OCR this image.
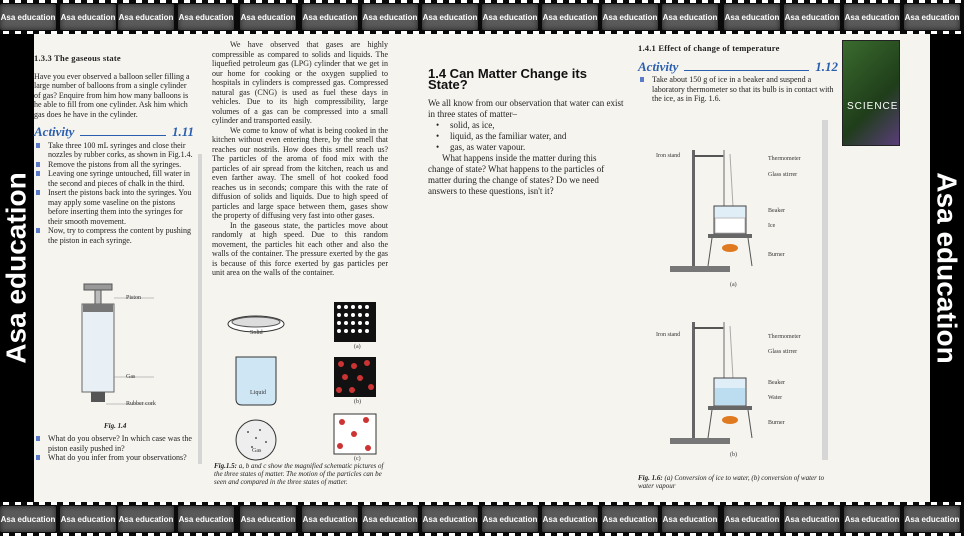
Asa education Asa education Asa education Asa education Asa education Asa education Asa education Asa education Asa education Asa education Asa education Asa education Asa education Asa education Asa education Asa education
Asa education Asa education Asa education Asa education Asa education Asa education Asa education Asa education Asa education Asa education Asa education Asa education Asa education Asa education Asa education Asa education
Asa education	Asa education
1.3.3 The gaseous state
Have you ever observed a balloon seller filling a large number of balloons from a single cylinder of gas? Enquire from him how many balloons is he able to fill from one cylinder. Ask him which gas does he have in the cylinder.
Activity	1.11
Take three 100 mL syringes and close their nozzles by rubber corks, as shown in Fig.1.4.
Remove the pistons from all the syringes.
Leaving one syringe untouched, fill water in the second and pieces of chalk in the third.
Insert the pistons back into the syringes. You may apply some vaseline on the pistons before inserting them into the syringes for their smooth movement.
Now, try to compress the content by pushing the piston in each syringe.
Piston
Gas
Rubber cork
Fig. 1.4
What do you observe? In which case was the piston easily pushed in?
What do you infer from your observations?
We have observed that gases are highly compressible as compared to solids and liquids. The liquefied petroleum gas (LPG) cylinder that we get in our home for cooking or the oxygen supplied to hospitals in cylinders is compressed gas. Compressed natural gas (CNG) is used as fuel these days in vehicles. Due to its high compressibility, large volumes of a gas can be compressed into a small cylinder and transported easily.
We come to know of what is being cooked in the kitchen without even entering there, by the smell that reaches our nostrils. How does this smell reach us? The particles of the aroma of food mix with the particles of air spread from the kitchen, reach us and even farther away. The smell of hot cooked food reaches us in seconds; compare this with the rate of diffusion of solids and liquids. Due to high speed of particles and large space between them, gases show the property of diffusing very fast into other gases.
In the gaseous state, the particles move about randomly at high speed. Due to this random movement, the particles hit each other and also the walls of the container. The pressure exerted by the gas is because of this force exerted by gas particles per unit area on the walls of the container.
Solid
Liquid
Gas
(a)
(b)
(c)
Fig.1.5: a, b and c show the magnified schematic pictures of the three states of matter. The motion of the particles can be seen and compared in the three states of matter.
1.4 Can Matter Change its State?
We all know from our observation that water can exist in three states of matter–
• solid, as ice,
• liquid, as the familiar water, and
• gas, as water vapour.
What happens inside the matter during this change of state? What happens to the particles of matter during the change of states? Do we need answers to these questions, isn't it?
1.4.1 Effect of change of temperature
Activity	1.12
Take about 150 g of ice in a beaker and suspend a laboratory thermometer so that its bulb is in contact with the ice, as in Fig. 1.6.
SCIENCE
Iron stand	Thermometer
Glass stirrer
Beaker
Ice
Burner
(a)
Iron stand	Thermometer
Glass stirrer
Beaker
Water
Burner
(b)
Fig. 1.6: (a) Conversion of ice to water, (b) conversion of water to water vapour
